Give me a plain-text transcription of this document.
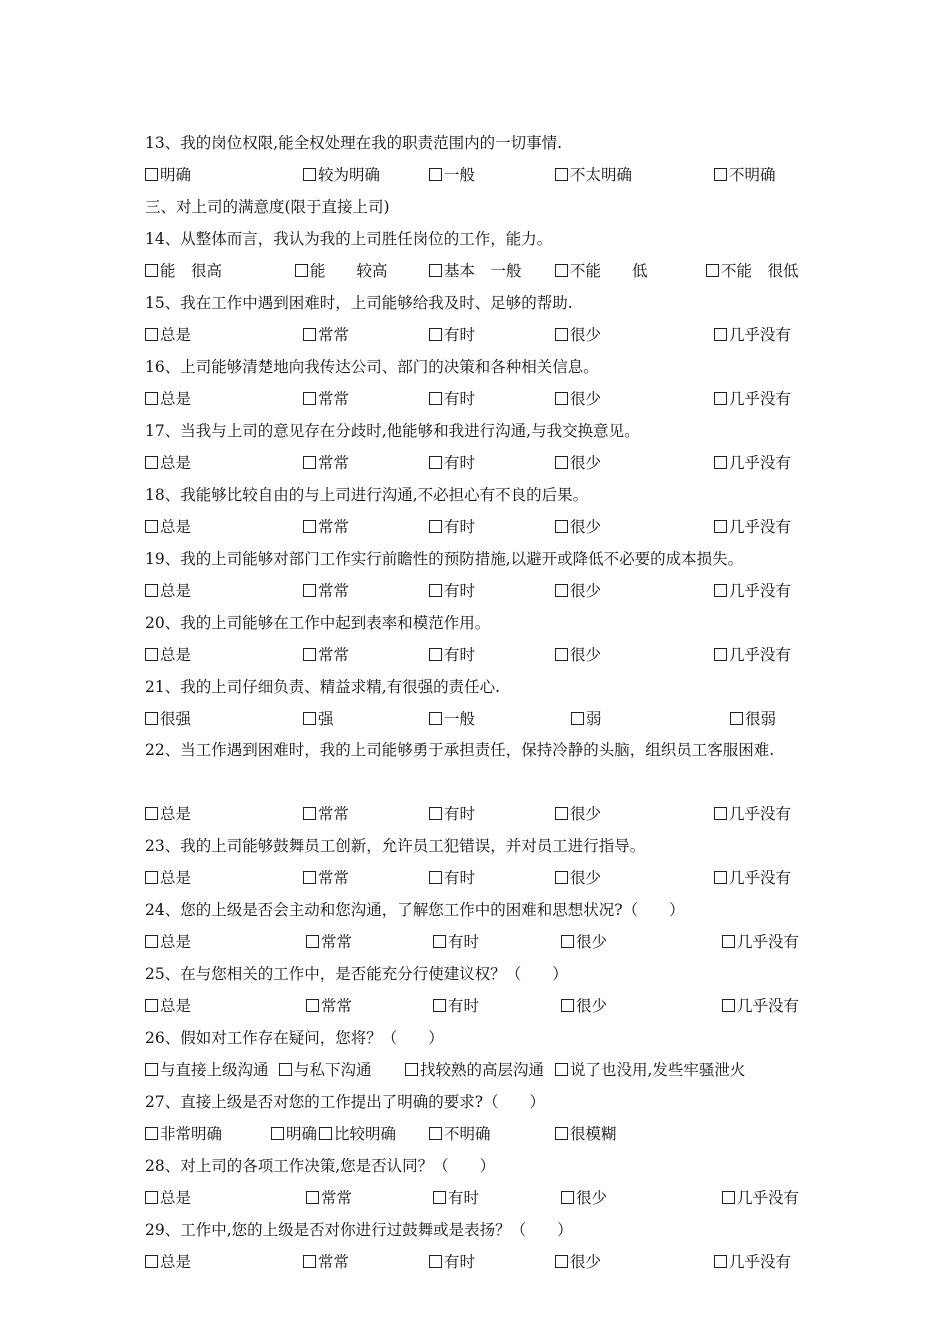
13、我的岗位权限,能全权处理在我的职责范围内的一切事情.
明确	较为明确	一般	不太明确	不明确
三、对上司的满意度(限于直接上司)
14、从整体而言，我认为我的上司胜任岗位的工作，能力。
能　很高	能　　较高	基本　一般	不能　　低	不能　很低
15、我在工作中遇到困难时，上司能够给我及时、足够的帮助.
总是	常常	有时	很少	几乎没有
16、上司能够清楚地向我传达公司、部门的决策和各种相关信息。
总是	常常	有时	很少	几乎没有
17、当我与上司的意见存在分歧时,他能够和我进行沟通,与我交换意见。
总是	常常	有时	很少	几乎没有
18、我能够比较自由的与上司进行沟通,不必担心有不良的后果。
总是	常常	有时	很少	几乎没有
19、我的上司能够对部门工作实行前瞻性的预防措施,以避开或降低不必要的成本损失。
总是	常常	有时	很少	几乎没有
20、我的上司能够在工作中起到表率和模范作用。
总是	常常	有时	很少	几乎没有
21、我的上司仔细负责、精益求精,有很强的责任心.
很强	强	一般	弱	很弱
22、当工作遇到困难时，我的上司能够勇于承担责任，保持冷静的头脑，组织员工客服困难.
总是	常常	有时	很少	几乎没有
23、我的上司能够鼓舞员工创新，允许员工犯错误，并对员工进行指导。
总是	常常	有时	很少	几乎没有
24、您的上级是否会主动和您沟通，了解您工作中的困难和思想状况?（　　）
总是	常常	有时	很少	几乎没有
25、在与您相关的工作中，是否能充分行使建议权？（　　）
总是	常常	有时	很少	几乎没有
26、假如对工作存在疑问，您将？（　　）
与直接上级沟通	与私下沟通	找较熟的高层沟通	说了也没用,发些牢骚泄火
27、直接上级是否对您的工作提出了明确的要求?（　　）
非常明确	明确	比较明确	不明确	很模糊
28、对上司的各项工作决策,您是否认同？（　　）
总是	常常	有时	很少	几乎没有
29、工作中,您的上级是否对你进行过鼓舞或是表扬？（　　）
总是	常常	有时	很少	几乎没有
